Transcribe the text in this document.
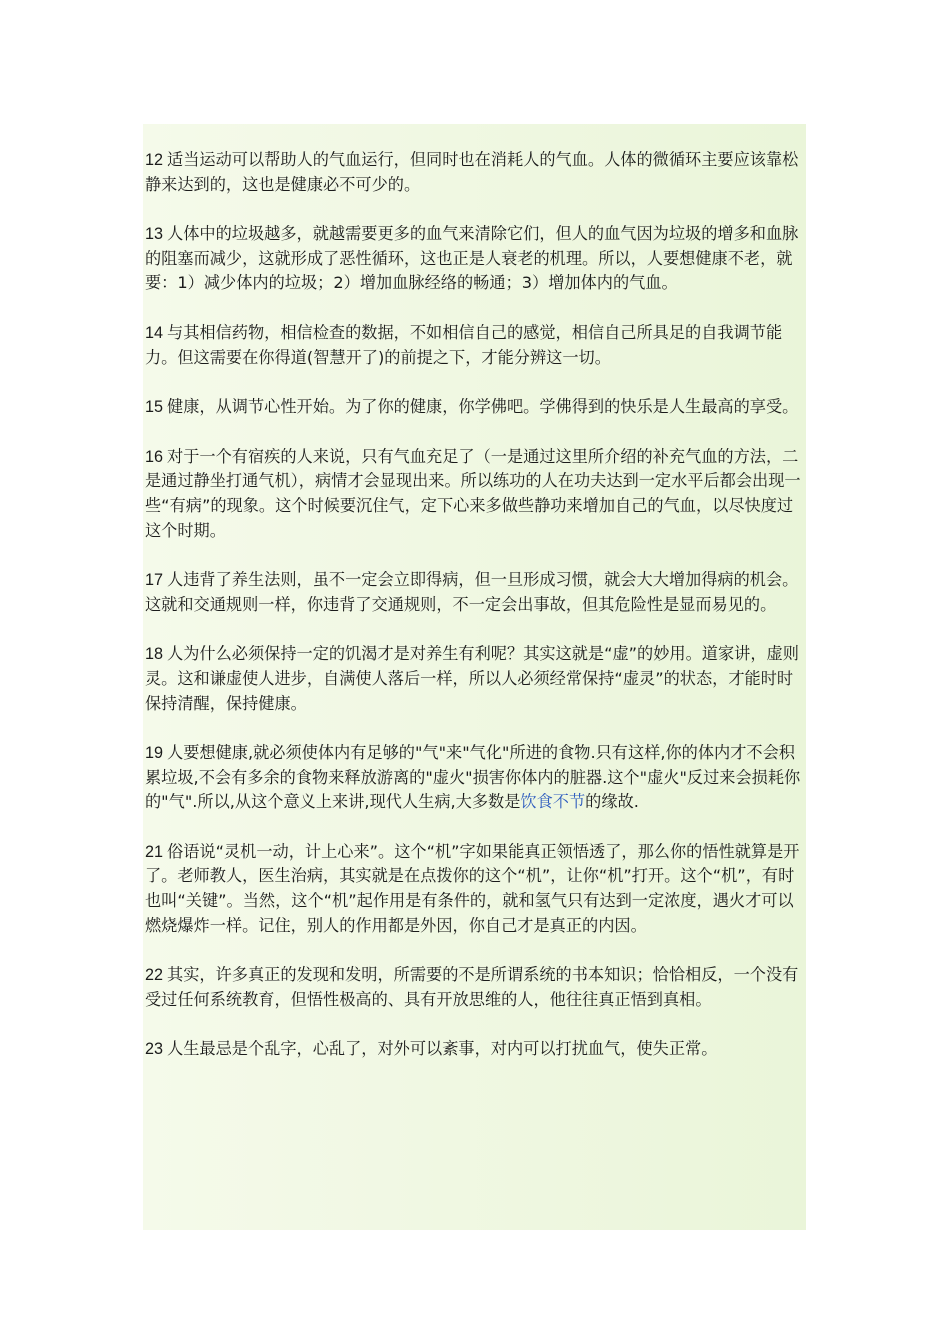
12 适当运动可以帮助人的气血运行，但同时也在消耗人的气血。人体的微循环主要应该靠松静来达到的，这也是健康必不可少的。

13 人体中的垃圾越多，就越需要更多的血气来清除它们，但人的血气因为垃圾的增多和血脉的阻塞而减少，这就形成了恶性循环，这也正是人衰老的机理。所以，人要想健康不老，就要：1）减少体内的垃圾；2）增加血脉经络的畅通；3）增加体内的气血。

14 与其相信药物，相信检查的数据，不如相信自己的感觉，相信自己所具足的自我调节能力。但这需要在你得道(智慧开了)的前提之下，才能分辨这一切。

15 健康，从调节心性开始。为了你的健康，你学佛吧。学佛得到的快乐是人生最高的享受。

16 对于一个有宿疾的人来说，只有气血充足了（一是通过这里所介绍的补充气血的方法，二是通过静坐打通气机），病情才会显现出来。所以练功的人在功夫达到一定水平后都会出现一些“有病”的现象。这个时候要沉住气，定下心来多做些静功来增加自己的气血，以尽快度过这个时期。

17 人违背了养生法则，虽不一定会立即得病，但一旦形成习惯，就会大大增加得病的机会。这就和交通规则一样，你违背了交通规则，不一定会出事故，但其危险性是显而易见的。

18 人为什么必须保持一定的饥渴才是对养生有利呢？其实这就是“虚”的妙用。道家讲，虚则灵。这和谦虚使人进步，自满使人落后一样，所以人必须经常保持“虚灵”的状态，才能时时保持清醒，保持健康。

19 人要想健康,就必须使体内有足够的"气"来"气化"所进的食物.只有这样,你的体内才不会积累垃圾,不会有多余的食物来释放游离的"虚火"损害你体内的脏器.这个"虚火"反过来会损耗你的"气".所以,从这个意义上来讲,现代人生病,大多数是饮食不节的缘故.

21 俗语说“灵机一动，计上心来”。这个“机”字如果能真正领悟透了，那么你的悟性就算是开了。老师教人，医生治病，其实就是在点拨你的这个“机”，让你“机”打开。这个“机”，有时也叫“关键”。当然，这个“机”起作用是有条件的，就和氢气只有达到一定浓度，遇火才可以燃烧爆炸一样。记住，别人的作用都是外因，你自己才是真正的内因。

22 其实，许多真正的发现和发明，所需要的不是所谓系统的书本知识；恰恰相反，一个没有受过任何系统教育，但悟性极高的、具有开放思维的人，他往往真正悟到真相。

23 人生最忌是个乱字，心乱了，对外可以紊事，对内可以打扰血气，使失正常。
